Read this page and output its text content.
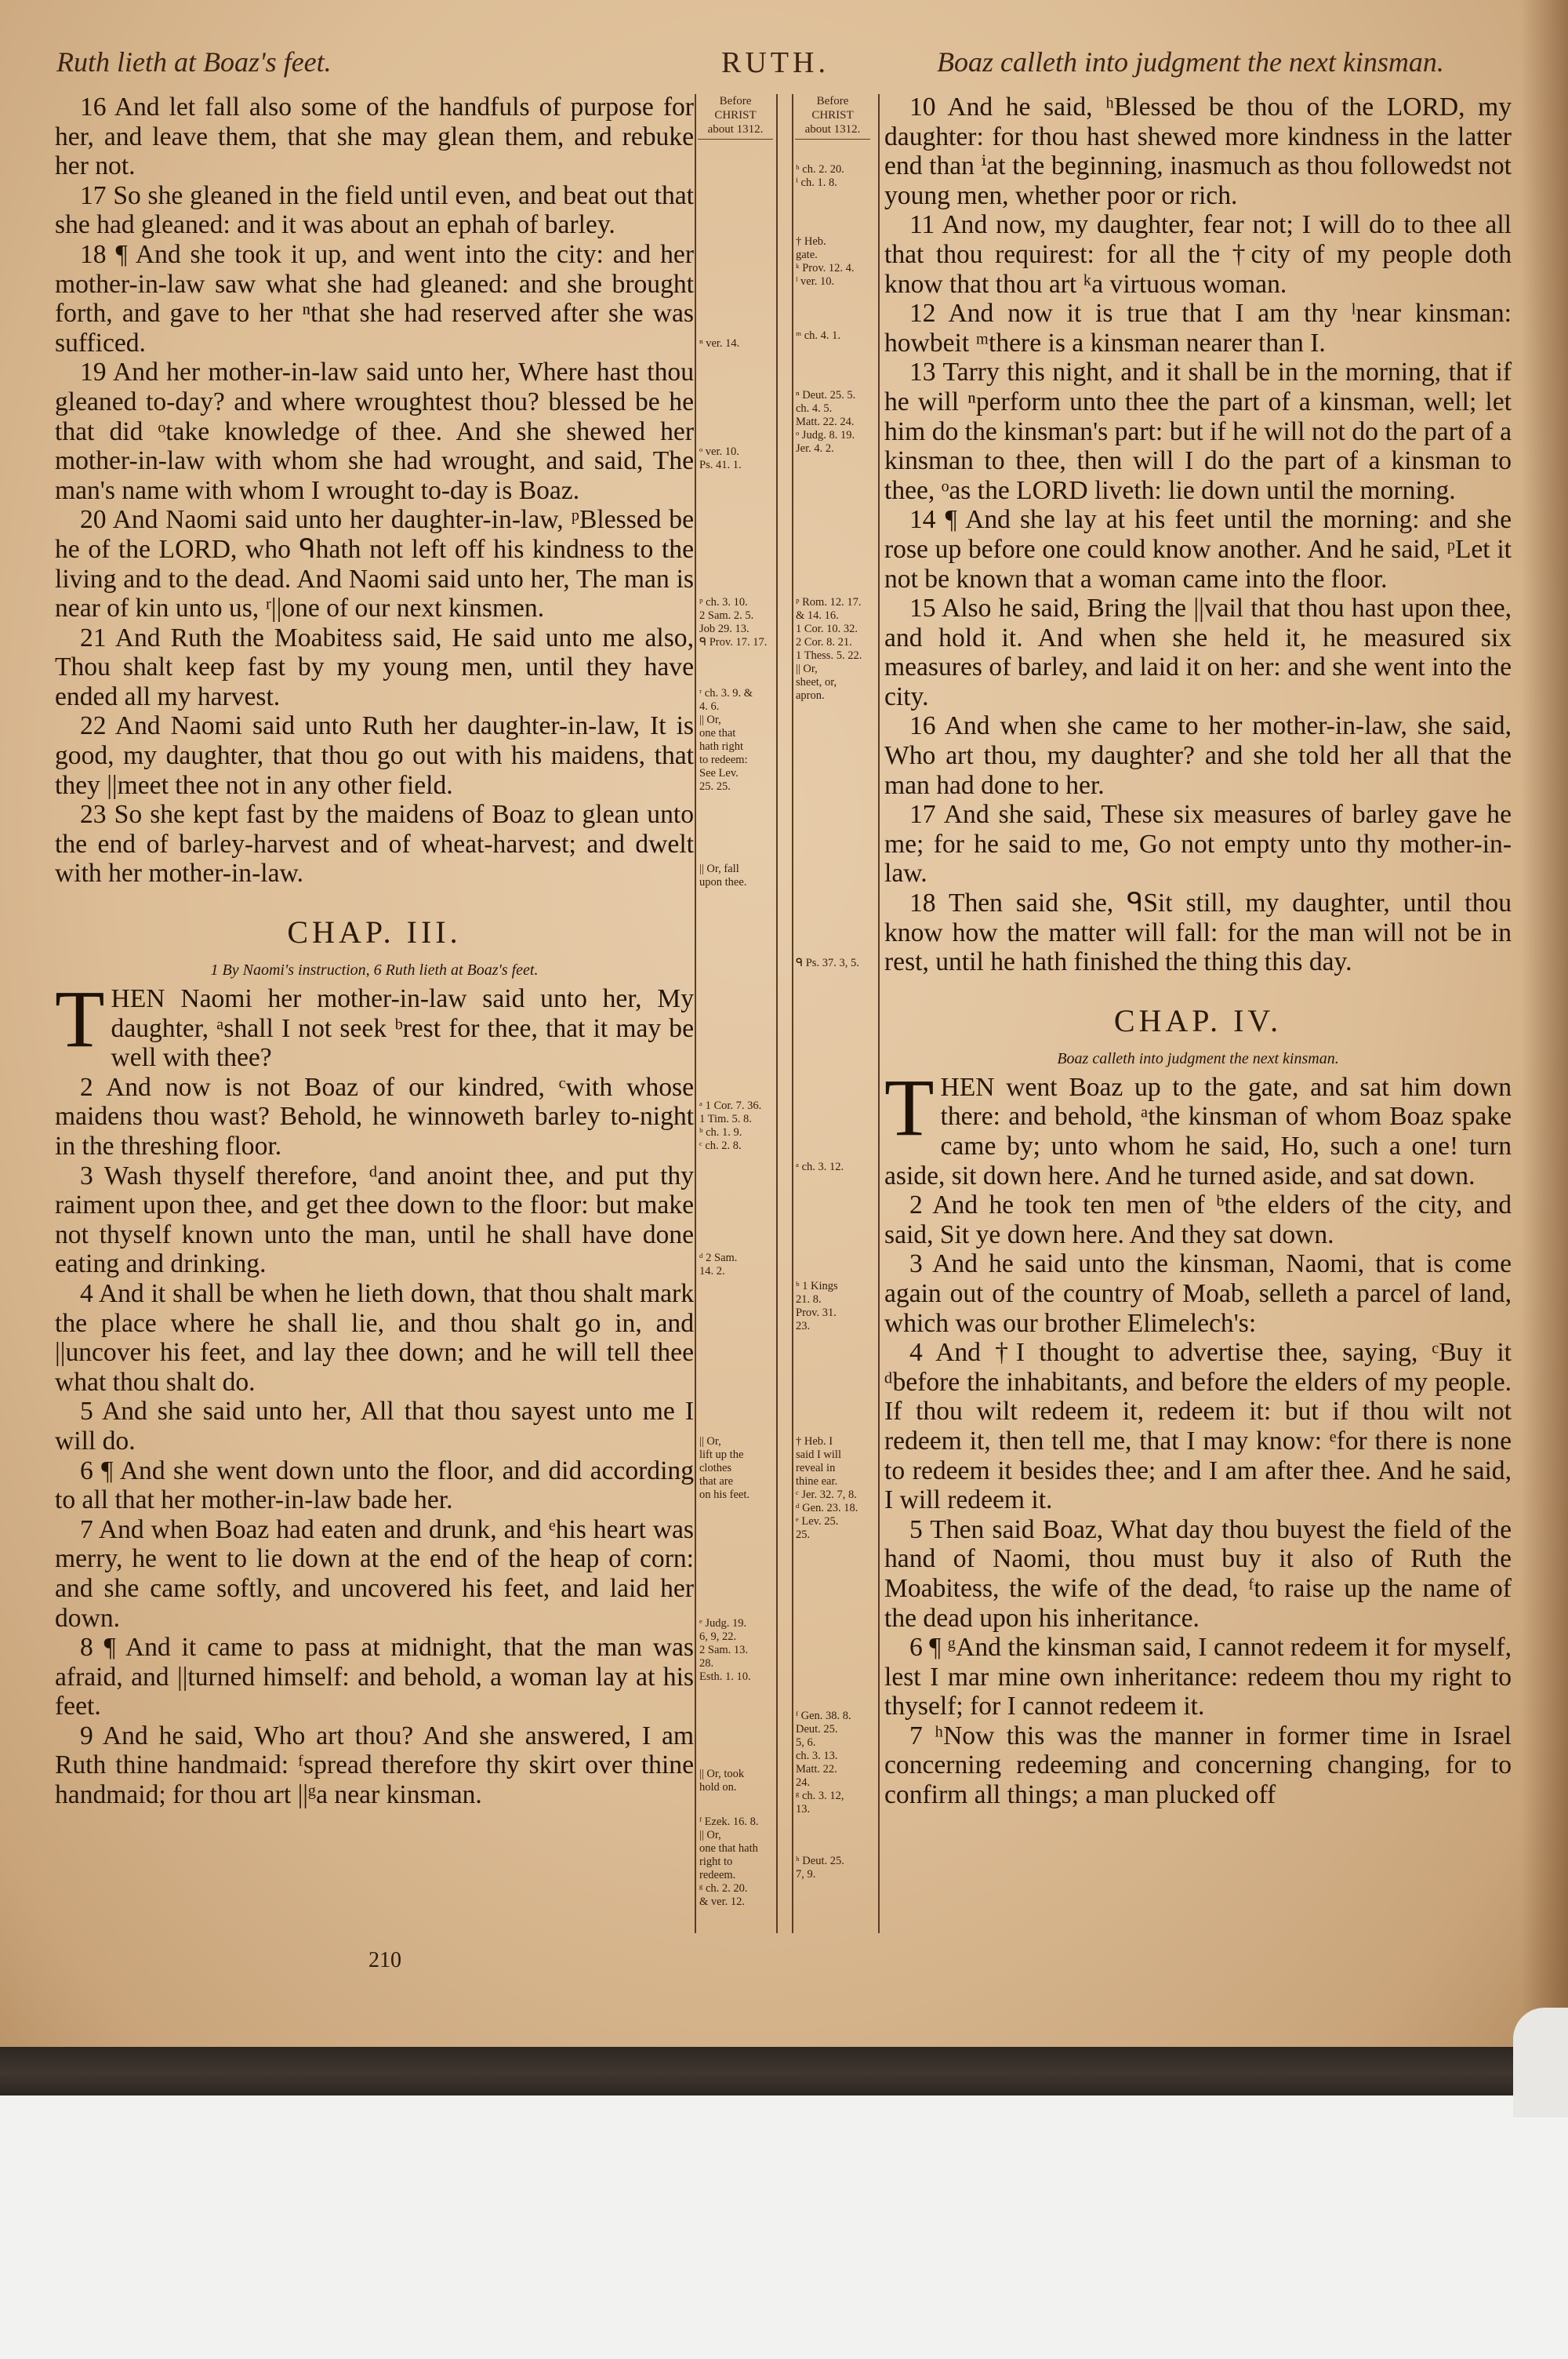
Ruth lieth at Boaz's feet.	RUTH.	Boaz calleth into judgment the next kinsman.

16 And let fall also some of the handfuls of purpose for her, and leave them, that she may glean them, and rebuke her not.

17 So she gleaned in the field until even, and beat out that she had gleaned: and it was about an ephah of barley.

18 ¶ And she took it up, and went into the city: and her mother-in-law saw what she had gleaned: and she brought forth, and gave to her ⁿthat she had reserved after she was sufficed.

19 And her mother-in-law said unto her, Where hast thou gleaned to-day? and where wroughtest thou? blessed be he that did ᵒtake knowledge of thee. And she shewed her mother-in-law with whom she had wrought, and said, The man's name with whom I wrought to-day is Boaz.

20 And Naomi said unto her daughter-in-law, ᵖBlessed be he of the LORD, who ᑫhath not left off his kindness to the living and to the dead. And Naomi said unto her, The man is near of kin unto us, ʳ||one of our next kinsmen.

21 And Ruth the Moabitess said, He said unto me also, Thou shalt keep fast by my young men, until they have ended all my harvest.

22 And Naomi said unto Ruth her daughter-in-law, It is good, my daughter, that thou go out with his maidens, that they ||meet thee not in any other field.

23 So she kept fast by the maidens of Boaz to glean unto the end of barley-harvest and of wheat-harvest; and dwelt with her mother-in-law.

CHAP. III.
1 By Naomi's instruction, 6 Ruth lieth at Boaz's feet.

THEN Naomi her mother-in-law said unto her, My daughter, ᵃshall I not seek ᵇrest for thee, that it may be well with thee?

2 And now is not Boaz of our kindred, ᶜwith whose maidens thou wast? Behold, he winnoweth barley to-night in the threshing floor.

3 Wash thyself therefore, ᵈand anoint thee, and put thy raiment upon thee, and get thee down to the floor: but make not thyself known unto the man, until he shall have done eating and drinking.

4 And it shall be when he lieth down, that thou shalt mark the place where he shall lie, and thou shalt go in, and ||uncover his feet, and lay thee down; and he will tell thee what thou shalt do.

5 And she said unto her, All that thou sayest unto me I will do.

6 ¶ And she went down unto the floor, and did according to all that her mother-in-law bade her.

7 And when Boaz had eaten and drunk, and ᵉhis heart was merry, he went to lie down at the end of the heap of corn: and she came softly, and uncovered his feet, and laid her down.

8 ¶ And it came to pass at midnight, that the man was afraid, and ||turned himself: and behold, a woman lay at his feet.

9 And he said, Who art thou? And she answered, I am Ruth thine handmaid: ᶠspread therefore thy skirt over thine handmaid; for thou art ||ᵍa near kinsman.

10 And he said, ʰBlessed be thou of the LORD, my daughter: for thou hast shewed more kindness in the latter end than ⁱat the beginning, inasmuch as thou followedst not young men, whether poor or rich.

11 And now, my daughter, fear not; I will do to thee all that thou requirest: for all the †city of my people doth know that thou art ᵏa virtuous woman.

12 And now it is true that I am thy ˡnear kinsman: howbeit ᵐthere is a kinsman nearer than I.

13 Tarry this night, and it shall be in the morning, that if he will ⁿperform unto thee the part of a kinsman, well; let him do the kinsman's part: but if he will not do the part of a kinsman to thee, then will I do the part of a kinsman to thee, ᵒas the LORD liveth: lie down until the morning.

14 ¶ And she lay at his feet until the morning: and she rose up before one could know another. And he said, ᵖLet it not be known that a woman came into the floor.

15 Also he said, Bring the ||vail that thou hast upon thee, and hold it. And when she held it, he measured six measures of barley, and laid it on her: and she went into the city.

16 And when she came to her mother-in-law, she said, Who art thou, my daughter? and she told her all that the man had done to her.

17 And she said, These six measures of barley gave he me; for he said to me, Go not empty unto thy mother-in-law.

18 Then said she, ᑫSit still, my daughter, until thou know how the matter will fall: for the man will not be in rest, until he hath finished the thing this day.

CHAP. IV.
Boaz calleth into judgment the next kinsman.

THEN went Boaz up to the gate, and sat him down there: and behold, ᵃthe kinsman of whom Boaz spake came by; unto whom he said, Ho, such a one! turn aside, sit down here. And he turned aside, and sat down.

2 And he took ten men of ᵇthe elders of the city, and said, Sit ye down here. And they sat down.

3 And he said unto the kinsman, Naomi, that is come again out of the country of Moab, selleth a parcel of land, which was our brother Elimelech's:

4 And †I thought to advertise thee, saying, ᶜBuy it ᵈbefore the inhabitants, and before the elders of my people. If thou wilt redeem it, redeem it: but if thou wilt not redeem it, then tell me, that I may know: ᵉfor there is none to redeem it besides thee; and I am after thee. And he said, I will redeem it.

5 Then said Boaz, What day thou buyest the field of the hand of Naomi, thou must buy it also of Ruth the Moabitess, the wife of the dead, ᶠto raise up the name of the dead upon his inheritance.

6 ¶ ᵍAnd the kinsman said, I cannot redeem it for myself, lest I mar mine own inheritance: redeem thou my right to thyself; for I cannot redeem it.

7 ʰNow this was the manner in former time in Israel concerning redeeming and concerning changing, for to confirm all things; a man plucked off

Before
CHRIST
about 1312.
Before
CHRIST
about 1312.
ⁿ ver. 14.
ᵒ ver. 10.
Ps. 41. 1.
ᵖ ch. 3. 10.
2 Sam. 2. 5.
Job 29. 13.
ᑫ Prov. 17. 17.
ʳ ch. 3. 9. &
4. 6.
|| Or,
one that
hath right
to redeem:
See Lev.
25. 25.
|| Or, fall
upon thee.
ᵃ 1 Cor. 7. 36.
1 Tim. 5. 8.
ᵇ ch. 1. 9.
ᶜ ch. 2. 8.
ᵈ 2 Sam.
14. 2.
|| Or,
lift up the
clothes
that are
on his feet.
ᵉ Judg. 19.
6, 9, 22.
2 Sam. 13.
28.
Esth. 1. 10.
|| Or, took
hold on.
ᶠ Ezek. 16. 8.
|| Or,
one that hath
right to
redeem.
ᵍ ch. 2. 20.
& ver. 12.
ʰ ch. 2. 20.
ⁱ ch. 1. 8.
† Heb.
gate.
ᵏ Prov. 12. 4.
ˡ ver. 10.
ᵐ ch. 4. 1.
ⁿ Deut. 25. 5.
ch. 4. 5.
Matt. 22. 24.
ᵒ Judg. 8. 19.
Jer. 4. 2.
ᵖ Rom. 12. 17. & 14. 16.
1 Cor. 10. 32.
2 Cor. 8. 21.
1 Thess. 5. 22.
|| Or,
sheet, or,
apron.
ᑫ Ps. 37. 3, 5.
ᵃ ch. 3. 12.
ᵇ 1 Kings
21. 8.
Prov. 31.
23.
† Heb. I
said I will
reveal in
thine ear.
ᶜ Jer. 32. 7, 8.
ᵈ Gen. 23. 18.
ᵉ Lev. 25.
25.
ᶠ Gen. 38. 8.
Deut. 25.
5, 6.
ch. 3. 13.
Matt. 22.
24.
ᵍ ch. 3. 12,
13.
ʰ Deut. 25.
7, 9.
210
